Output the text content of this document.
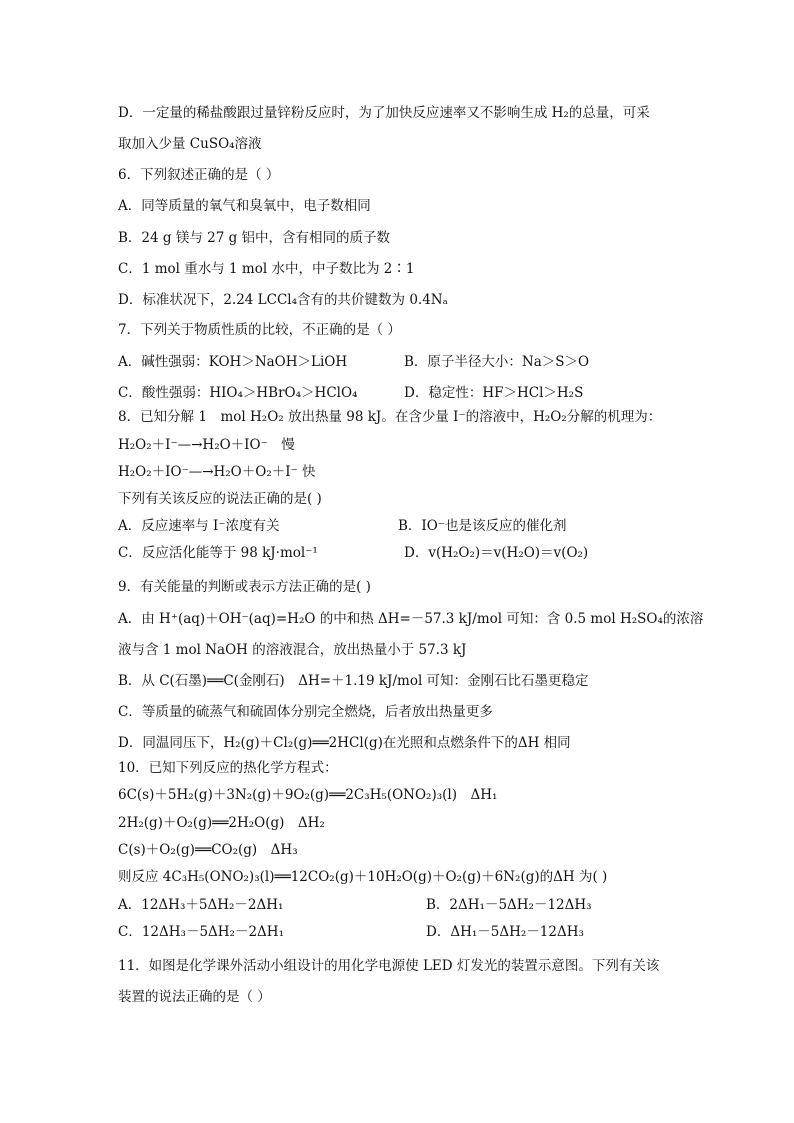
D．一定量的稀盐酸跟过量锌粉反应时，为了加快反应速率又不影响生成 H₂的总量，可采
取加入少量 CuSO₄溶液
6．下列叙述正确的是（ ）
A．同等质量的氧气和臭氧中，电子数相同
B．24 g 镁与 27 g 铝中，含有相同的质子数
C．1 mol 重水与 1 mol 水中，中子数比为 2∶1
D．标准状况下，2.24 LCCl₄含有的共价键数为 0.4Nₐ
7．下列关于物质性质的比较，不正确的是（ ）
A．碱性强弱：KOH＞NaOH＞LiOH	B．原子半径大小：Na＞S＞O
C．酸性强弱：HIO₄＞HBrO₄＞HClO₄	D．稳定性：HF＞HCl＞H₂S
8．已知分解 1　mol H₂O₂ 放出热量 98 kJ。在含少量 I⁻的溶液中，H₂O₂分解的机理为：
H₂O₂＋I⁻—→H₂O＋IO⁻　慢
H₂O₂＋IO⁻—→H₂O＋O₂＋I⁻ 快
下列有关该反应的说法正确的是( )
A．反应速率与 I⁻浓度有关	B．IO⁻也是该反应的催化剂
C．反应活化能等于 98 kJ·mol⁻¹	D．v(H₂O₂)＝v(H₂O)＝v(O₂)
9．有关能量的判断或表示方法正确的是( )
A．由 H⁺(aq)＋OH⁻(aq)=H₂O 的中和热 ΔH=－57.3 kJ/mol 可知：含 0.5 mol H₂SO₄的浓溶
液与含 1 mol NaOH 的溶液混合，放出热量小于 57.3 kJ
B．从 C(石墨)══C(金刚石)　ΔH=＋1.19 kJ/mol 可知：金刚石比石墨更稳定
C．等质量的硫蒸气和硫固体分别完全燃烧，后者放出热量更多
D．同温同压下，H₂(g)＋Cl₂(g)══2HCl(g)在光照和点燃条件下的ΔH 相同
10．已知下列反应的热化学方程式：
6C(s)＋5H₂(g)＋3N₂(g)＋9O₂(g)══2C₃H₅(ONO₂)₃(l)　ΔH₁
2H₂(g)＋O₂(g)══2H₂O(g)　ΔH₂
C(s)＋O₂(g)══CO₂(g)　ΔH₃
则反应 4C₃H₅(ONO₂)₃(l)══12CO₂(g)＋10H₂O(g)＋O₂(g)＋6N₂(g)的ΔH 为( )
A．12ΔH₃＋5ΔH₂－2ΔH₁	B．2ΔH₁－5ΔH₂－12ΔH₃
C．12ΔH₃－5ΔH₂－2ΔH₁	D．ΔH₁－5ΔH₂－12ΔH₃
11．如图是化学课外活动小组设计的用化学电源使 LED 灯发光的装置示意图。下列有关该
装置的说法正确的是（ ）
